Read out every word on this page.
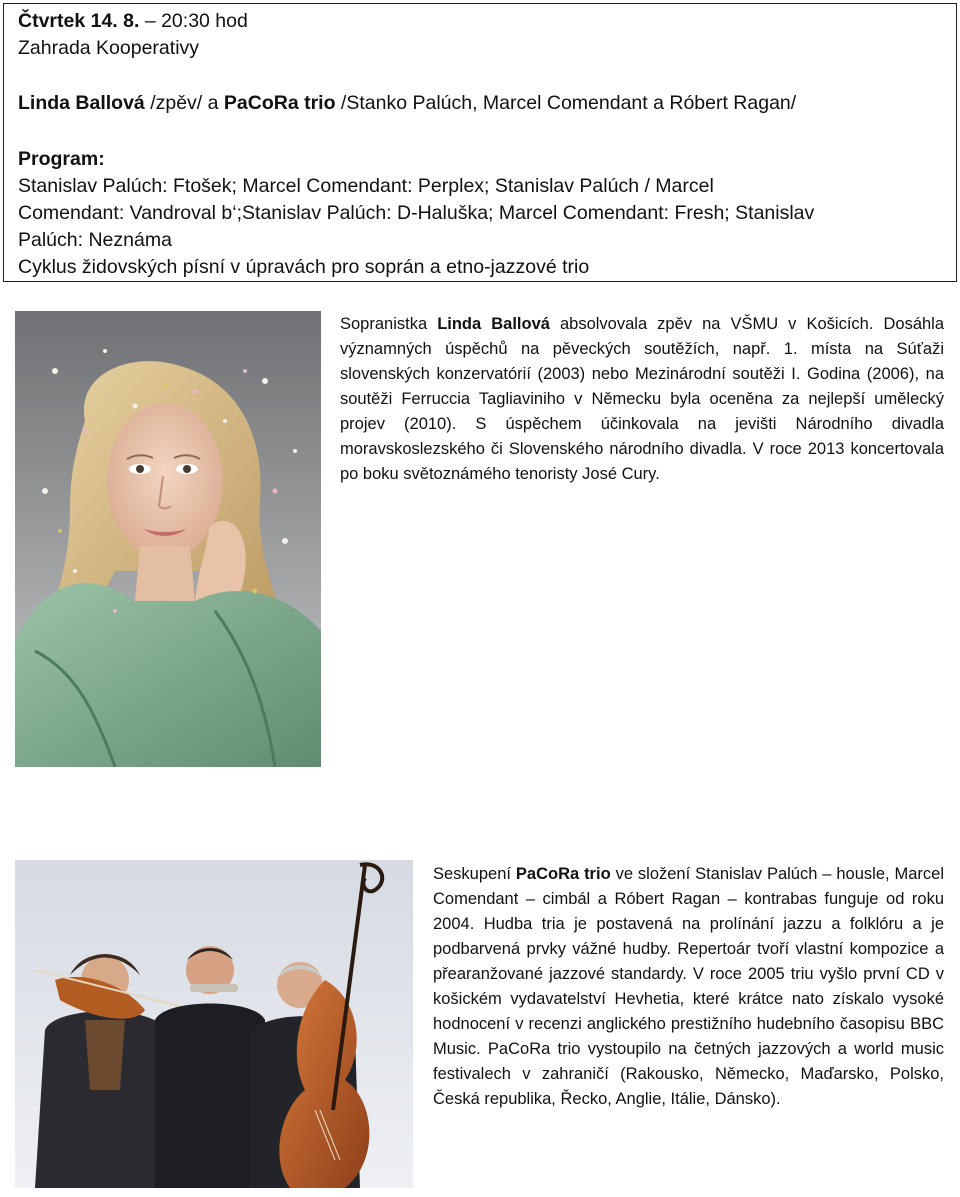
Čtvrtek 14. 8. – 20:30 hod
Zahrada Kooperativy
Linda Ballová /zpěv/ a PaCoRa trio /Stanko Palúch, Marcel Comendant a Róbert Ragan/
Program:
Stanislav Palúch: Ftošek; Marcel Comendant: Perplex; Stanislav Palúch / Marcel
Comendant: Vandroval b‘;Stanislav Palúch: D-Haluška; Marcel Comendant: Fresh; Stanislav
Palúch: Neznáma
Cyklus židovských písní v úpravách pro soprán a etno-jazzové trio
Sopranistka Linda Ballová absolvovala zpěv na VŠMU v Košicích. Dosáhla významných úspěchů na pěveckých soutěžích, např. 1. místa na Súťaži slovenských konzervatórií (2003) nebo Mezinárodní soutěži I. Godina (2006), na soutěži Ferruccia Tagliaviniho v Německu byla oceněna za nejlepší umělecký projev (2010). S úspěchem účinkovala na jevišti Národního divadla moravskoslezského či Slovenského národního divadla. V roce 2013 koncertovala po boku světoznámého tenoristy José Cury.
Seskupení PaCoRa trio ve složení Stanislav Palúch – housle, Marcel Comendant – cimbál a Róbert Ragan – kontrabas funguje od roku 2004. Hudba tria je postavená na prolínání jazzu a folklóru a je podbarvená prvky vážné hudby. Repertoár tvoří vlastní kompozice a přearanžované jazzové standardy. V roce 2005 triu vyšlo první CD v košickém vydavatelství Hevhetia, které krátce nato získalo vysoké hodnocení v recenzi anglického prestižního hudebního časopisu BBC Music. PaCoRa trio vystoupilo na četných jazzových a world music festivalech v zahraničí (Rakousko, Německo, Maďarsko, Polsko, Česká republika, Řecko, Anglie, Itálie, Dánsko).
